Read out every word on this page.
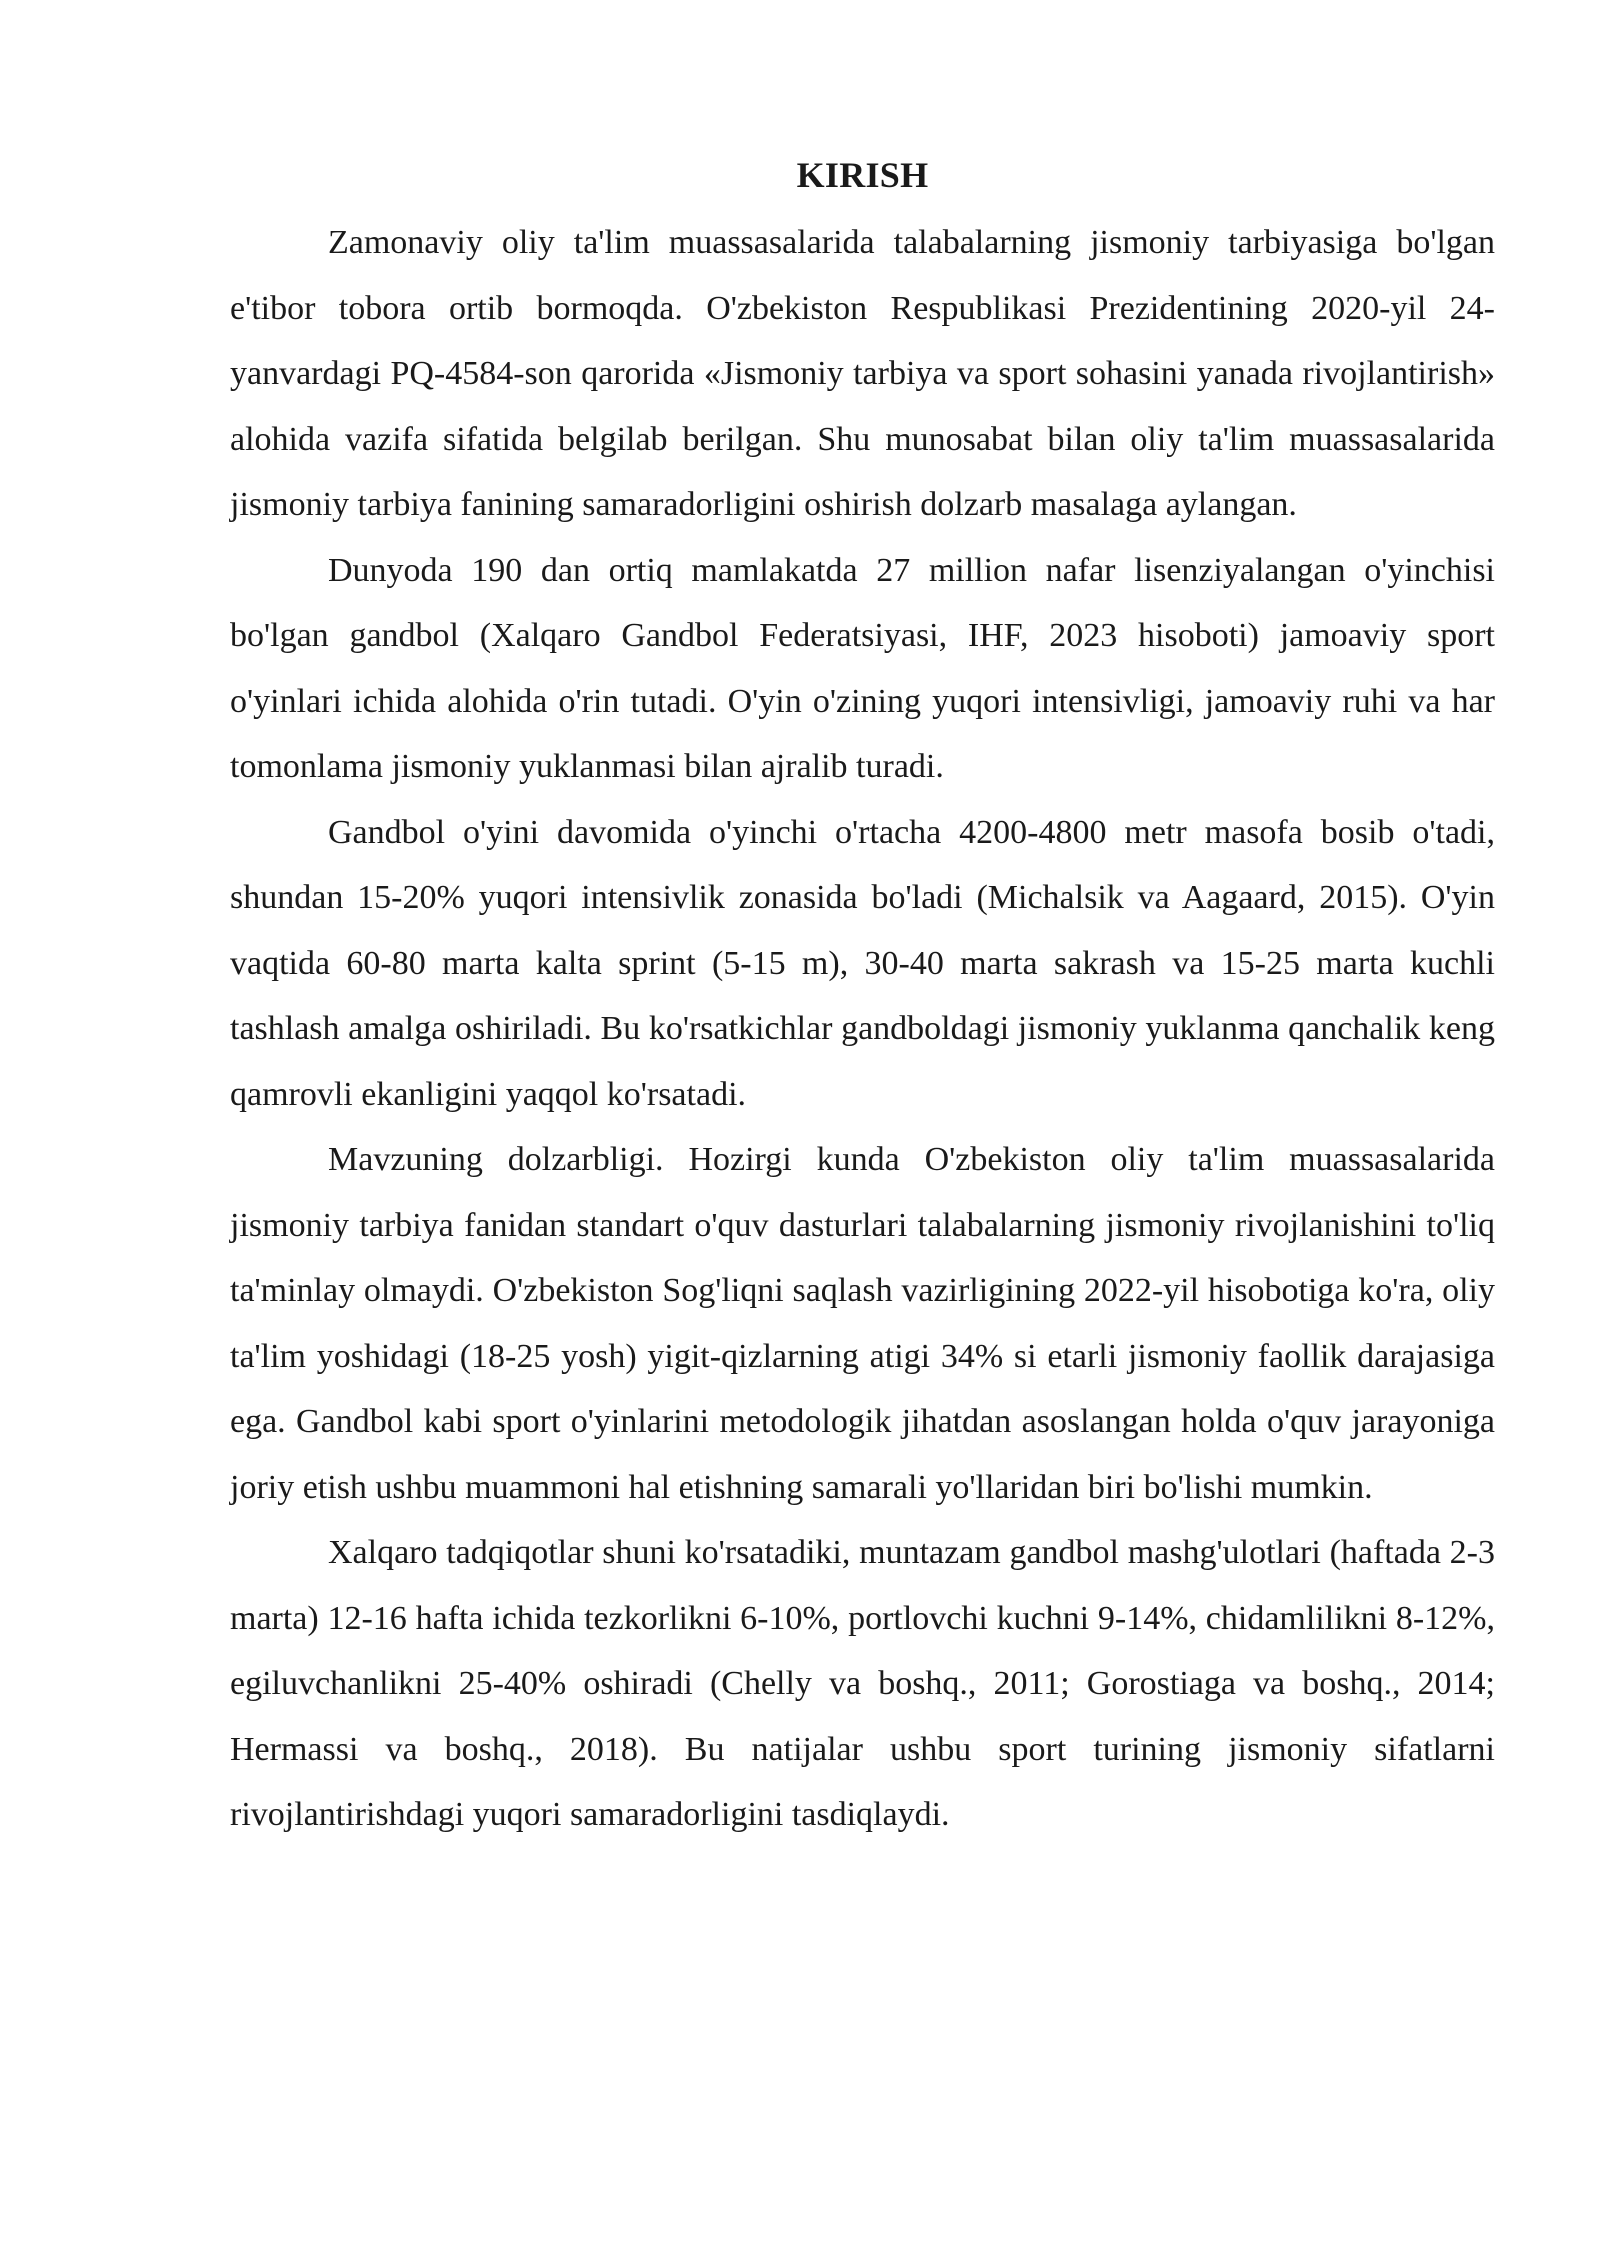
KIRISH

Zamonaviy oliy ta'lim muassasalarida talabalarning jismoniy tarbiyasiga bo'lgan e'tibor tobora ortib bormoqda. O'zbekiston Respublikasi Prezidentining 2020-yil 24-yanvardagi PQ-4584-son qarorida «Jismoniy tarbiya va sport sohasini yanada rivojlantirish» alohida vazifa sifatida belgilab berilgan. Shu munosabat bilan oliy ta'lim muassasalarida jismoniy tarbiya fanining samaradorligini oshirish dolzarb masalaga aylangan.

Dunyoda 190 dan ortiq mamlakatda 27 million nafar lisenziyalangan o'yinchisi bo'lgan gandbol (Xalqaro Gandbol Federatsiyasi, IHF, 2023 hisoboti) jamoaviy sport o'yinlari ichida alohida o'rin tutadi. O'yin o'zining yuqori intensivligi, jamoaviy ruhi va har tomonlama jismoniy yuklanmasi bilan ajralib turadi.

Gandbol o'yini davomida o'yinchi o'rtacha 4200-4800 metr masofa bosib o'tadi, shundan 15-20% yuqori intensivlik zonasida bo'ladi (Michalsik va Aagaard, 2015). O'yin vaqtida 60-80 marta kalta sprint (5-15 m), 30-40 marta sakrash va 15-25 marta kuchli tashlash amalga oshiriladi. Bu ko'rsatkichlar gandboldagi jismoniy yuklanma qanchalik keng qamrovli ekanligini yaqqol ko'rsatadi.

Mavzuning dolzarbligi. Hozirgi kunda O'zbekiston oliy ta'lim muassasalarida jismoniy tarbiya fanidan standart o'quv dasturlari talabalarning jismoniy rivojlanishini to'liq ta'minlay olmaydi. O'zbekiston Sog'liqni saqlash vazirligining 2022-yil hisobotiga ko'ra, oliy ta'lim yoshidagi (18-25 yosh) yigit-qizlarning atigi 34% si etarli jismoniy faollik darajasiga ega. Gandbol kabi sport o'yinlarini metodologik jihatdan asoslangan holda o'quv jarayoniga joriy etish ushbu muammoni hal etishning samarali yo'llaridan biri bo'lishi mumkin.

Xalqaro tadqiqotlar shuni ko'rsatadiki, muntazam gandbol mashg'ulotlari (haftada 2-3 marta) 12-16 hafta ichida tezkorlikni 6-10%, portlovchi kuchni 9-14%, chidamlilikni 8-12%, egiluvchanlikni 25-40% oshiradi (Chelly va boshq., 2011; Gorostiaga va boshq., 2014; Hermassi va boshq., 2018). Bu natijalar ushbu sport turining jismoniy sifatlarni rivojlantirishdagi yuqori samaradorligini tasdiqlaydi.
